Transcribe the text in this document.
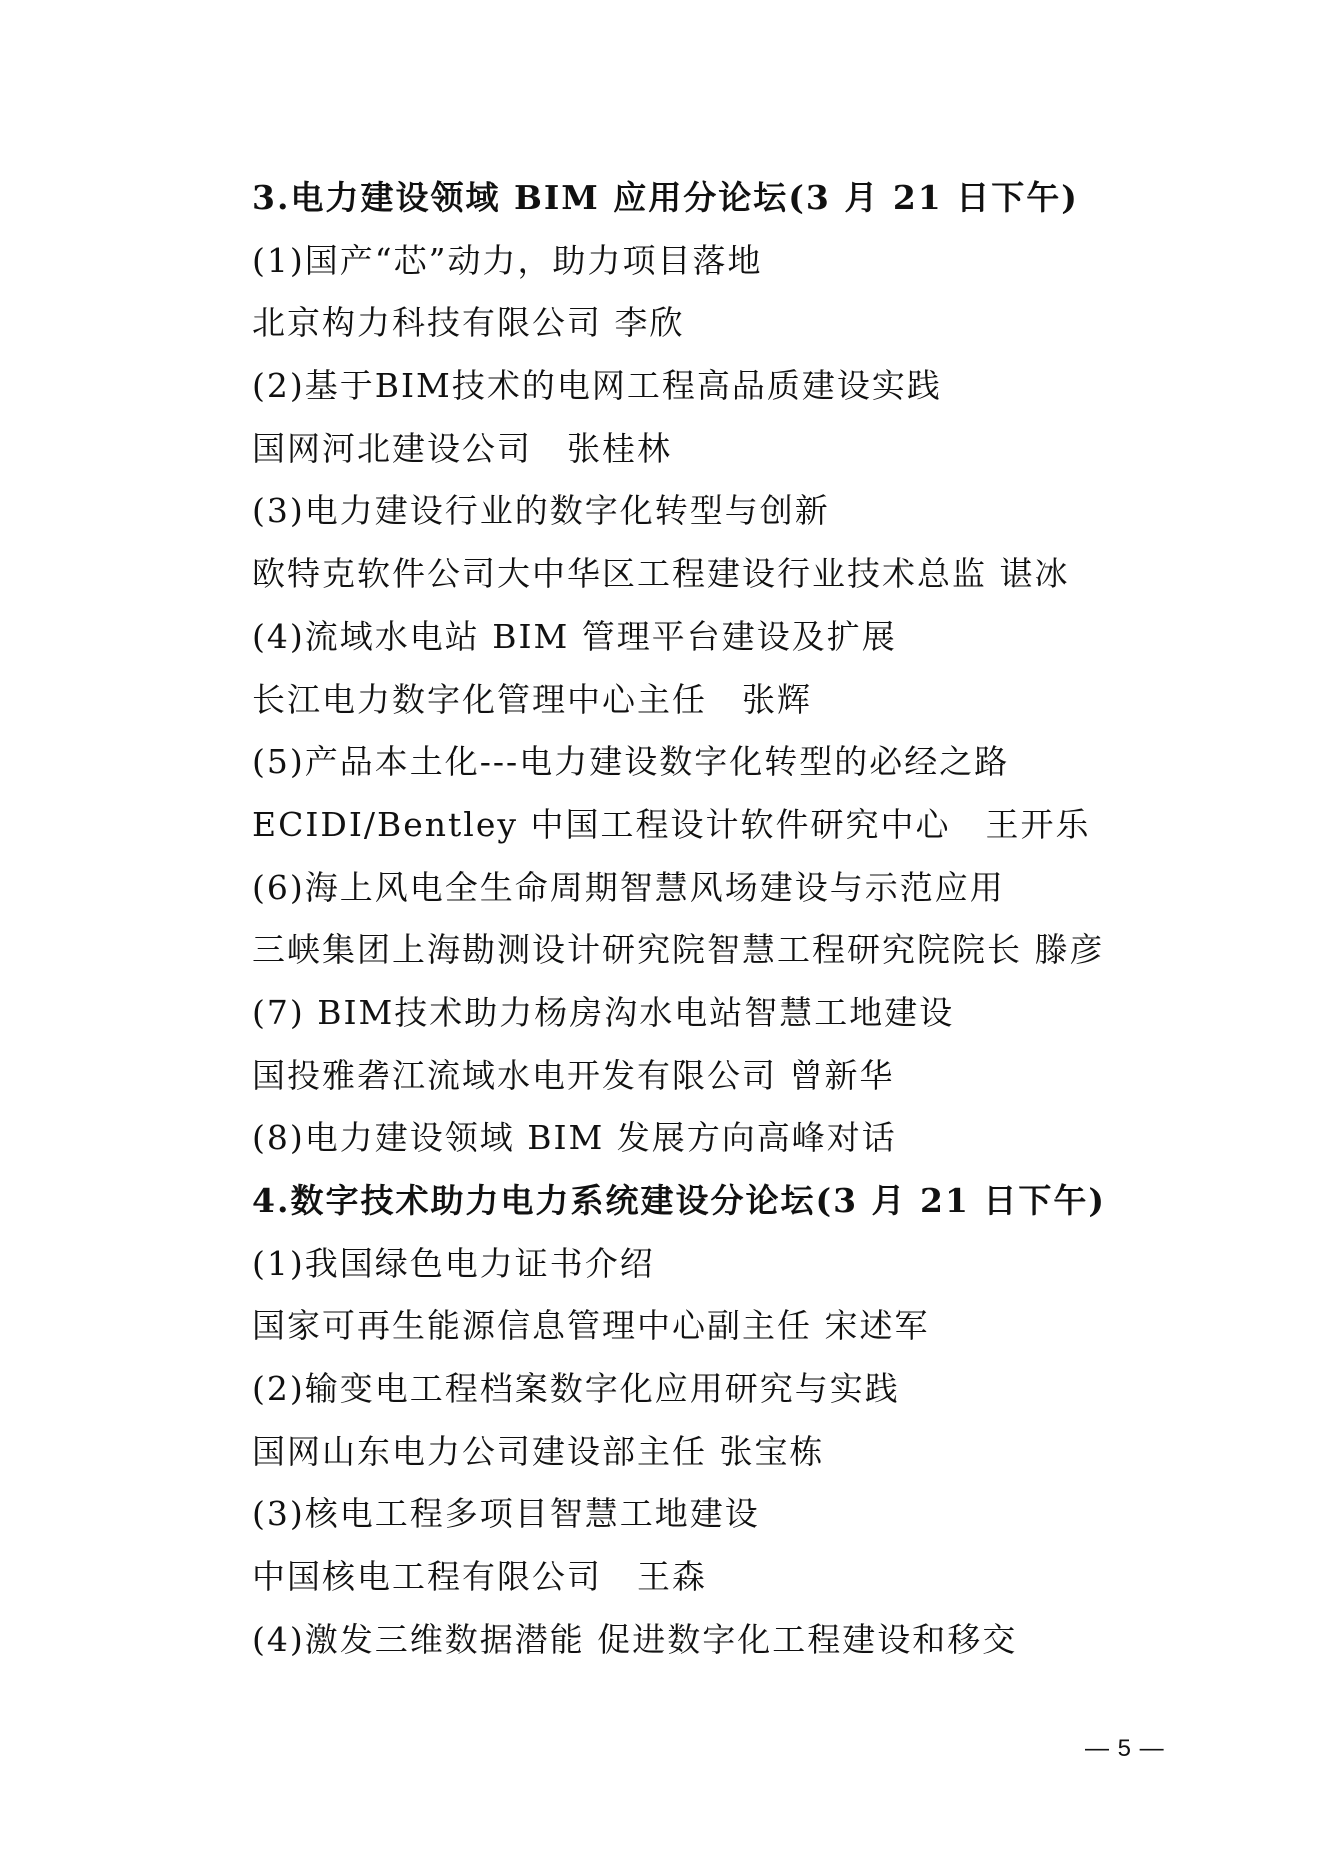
3.电力建设领域 BIM 应用分论坛(3 月 21 日下午)
(1)国产“芯”动力，助力项目落地
北京构力科技有限公司 李欣
(2)基于BIM技术的电网工程高品质建设实践
国网河北建设公司　张桂林
(3)电力建设行业的数字化转型与创新
欧特克软件公司大中华区工程建设行业技术总监 谌冰
(4)流域水电站 BIM 管理平台建设及扩展
长江电力数字化管理中心主任　张辉
(5)产品本土化---电力建设数字化转型的必经之路
ECIDI/Bentley 中国工程设计软件研究中心　王开乐
(6)海上风电全生命周期智慧风场建设与示范应用
三峡集团上海勘测设计研究院智慧工程研究院院长 滕彦
(7) BIM技术助力杨房沟水电站智慧工地建设
国投雅砻江流域水电开发有限公司 曾新华
(8)电力建设领域 BIM 发展方向高峰对话
4.数字技术助力电力系统建设分论坛(3 月 21 日下午)
(1)我国绿色电力证书介绍
国家可再生能源信息管理中心副主任 宋述军
(2)输变电工程档案数字化应用研究与实践
国网山东电力公司建设部主任 张宝栋
(3)核电工程多项目智慧工地建设
中国核电工程有限公司　王森
(4)激发三维数据潜能 促进数字化工程建设和移交
— 5 —
